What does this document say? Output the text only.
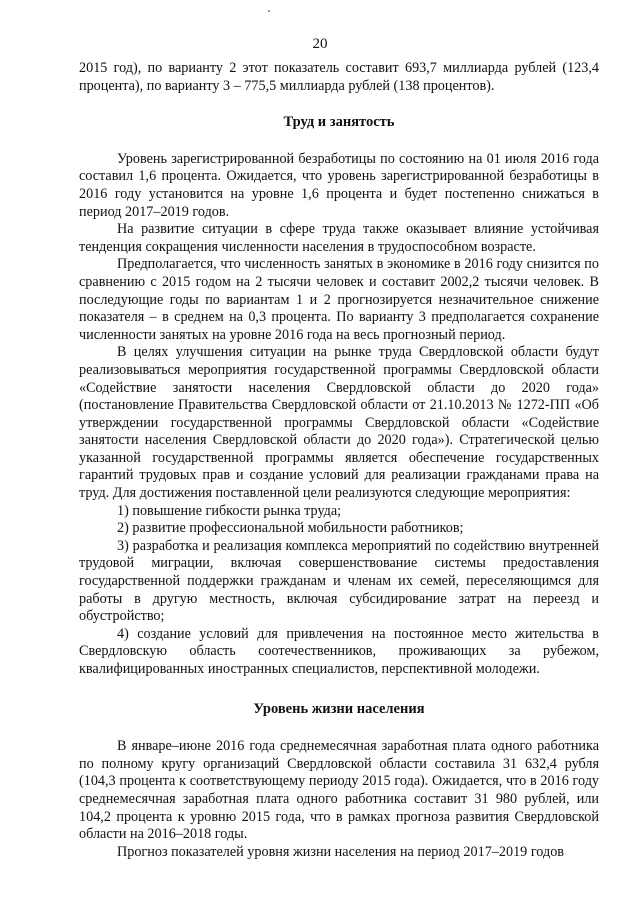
20

2015 год), по варианту 2 этот показатель составит 693,7 миллиарда рублей (123,4 процента), по варианту 3 – 775,5 миллиарда рублей (138 процентов).

Труд и занятость

Уровень зарегистрированной безработицы по состоянию на 01 июля 2016 года составил 1,6 процента. Ожидается, что уровень зарегистрированной безработицы в 2016 году установится на уровне 1,6 процента и будет постепенно снижаться в период 2017–2019 годов.

На развитие ситуации в сфере труда также оказывает влияние устойчивая тенденция сокращения численности населения в трудоспособном возрасте.

Предполагается, что численность занятых в экономике в 2016 году снизится по сравнению с 2015 годом на 2 тысячи человек и составит 2002,2 тысячи человек. В последующие годы по вариантам 1 и 2 прогнозируется незначительное снижение показателя – в среднем на 0,3 процента. По варианту 3 предполагается сохранение численности занятых на уровне 2016 года на весь прогнозный период.

В целях улучшения ситуации на рынке труда Свердловской области будут реализовываться мероприятия государственной программы Свердловской области «Содействие занятости населения Свердловской области до 2020 года» (постановление Правительства Свердловской области от 21.10.2013 № 1272-ПП «Об утверждении государственной программы Свердловской области «Содействие занятости населения Свердловской области до 2020 года»). Стратегической целью указанной государственной программы является обеспечение государственных гарантий трудовых прав и создание условий для реализации гражданами права на труд. Для достижения поставленной цели реализуются следующие мероприятия:

1) повышение гибкости рынка труда;

2) развитие профессиональной мобильности работников;

3) разработка и реализация комплекса мероприятий по содействию внутренней трудовой миграции, включая совершенствование системы предоставления государственной поддержки гражданам и членам их семей, переселяющимся для работы в другую местность, включая субсидирование затрат на переезд и обустройство;

4) создание условий для привлечения на постоянное место жительства в Свердловскую область соотечественников, проживающих за рубежом, квалифицированных иностранных специалистов, перспективной молодежи.

Уровень жизни населения

В январе–июне 2016 года среднемесячная заработная плата одного работника по полному кругу организаций Свердловской области составила 31 632,4 рубля (104,3 процента к соответствующему периоду 2015 года). Ожидается, что в 2016 году среднемесячная заработная плата одного работника составит 31 980 рублей, или 104,2 процента к уровню 2015 года, что в рамках прогноза развития Свердловской области на 2016–2018 годы.

Прогноз показателей уровня жизни населения на период 2017–2019 годов
